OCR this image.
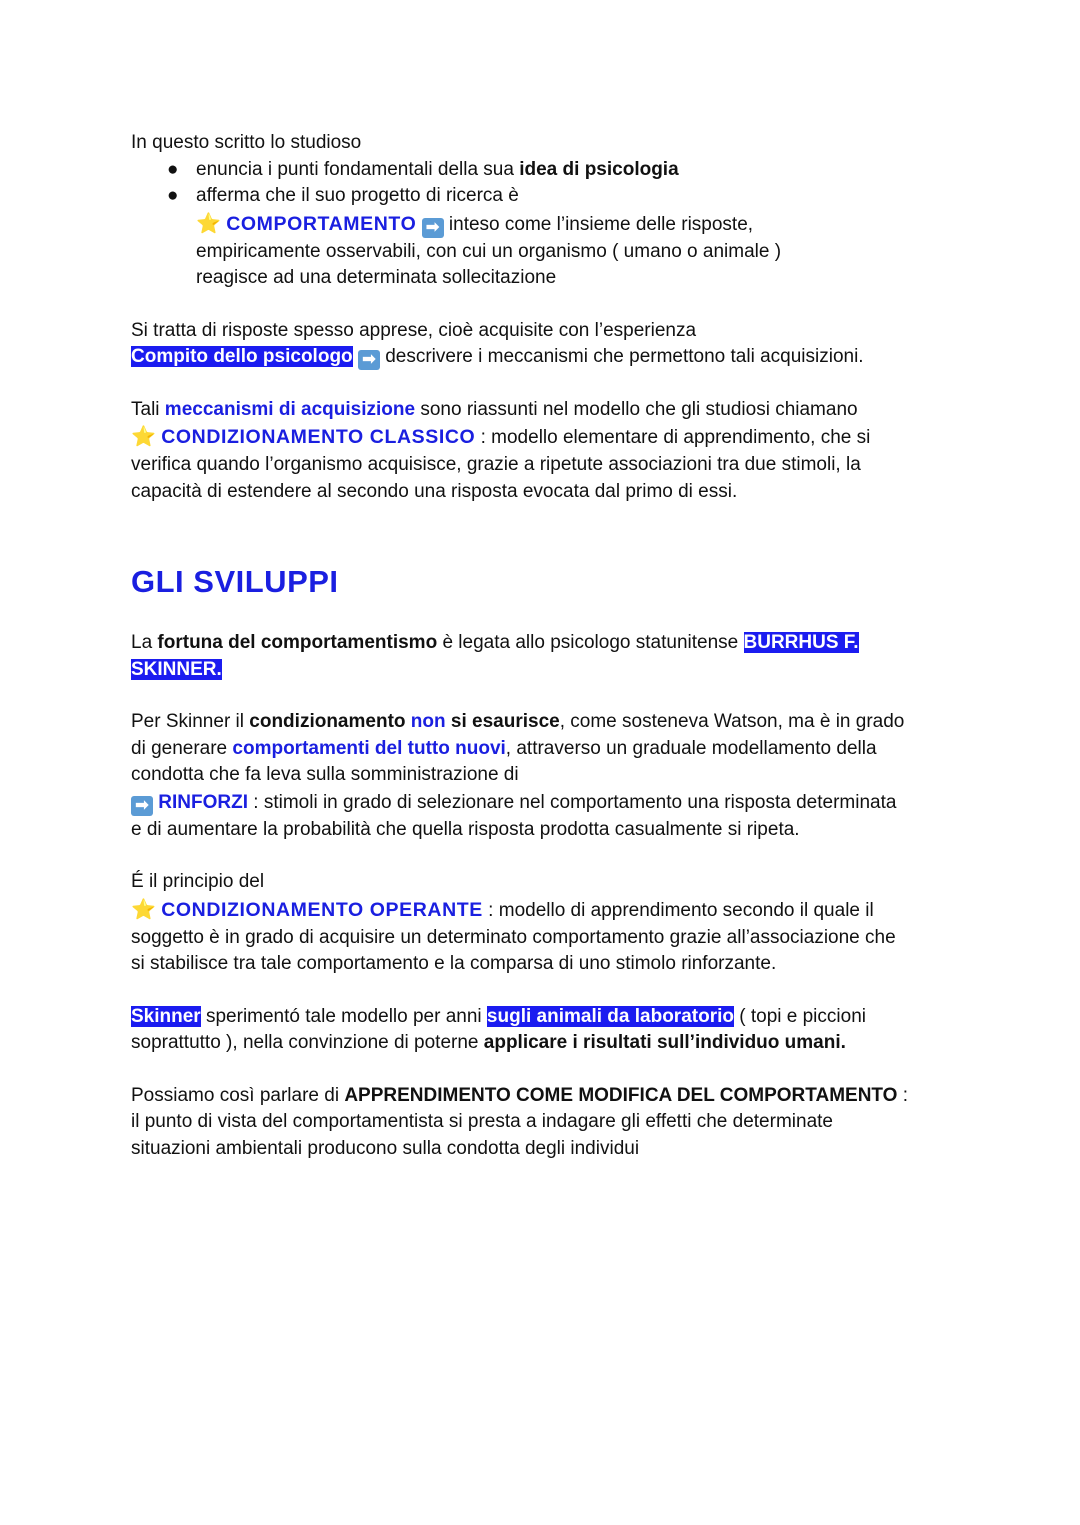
In questo scritto lo studioso

● enuncia i punti fondamentali della sua idea di psicologia
● afferma che il suo progetto di ricerca è

⭐ COMPORTAMENTO ➡ inteso come l’insieme delle risposte,

empiricamente osservabili, con cui un organismo ( umano o animale )

reagisce ad una determinata sollecitazione

Si tratta di risposte spesso apprese, cioè acquisite con l’esperienza

Compito dello psicologo ➡ descrivere i meccanismi che permettono tali acquisizioni.

Tali meccanismi di acquisizione sono riassunti nel modello che gli studiosi chiamano

⭐ CONDIZIONAMENTO CLASSICO : modello elementare di apprendimento, che si

verifica quando l’organismo acquisisce, grazie a ripetute associazioni tra due stimoli, la

capacità di estendere al secondo una risposta evocata dal primo di essi.

GLI SVILUPPI

La fortuna del comportamentismo è legata allo psicologo statunitense BURRHUS F.

SKINNER.

Per Skinner il condizionamento non si esaurisce, come sosteneva Watson, ma è in grado

di generare comportamenti del tutto nuovi, attraverso un graduale modellamento della

condotta che fa leva sulla somministrazione di

➡ RINFORZI : stimoli in grado di selezionare nel comportamento una risposta determinata

e di aumentare la probabilità che quella risposta prodotta casualmente si ripeta.

É il principio del

⭐ CONDIZIONAMENTO OPERANTE : modello di apprendimento secondo il quale il

soggetto è in grado di acquisire un determinato comportamento grazie all’associazione che

si stabilisce tra tale comportamento e la comparsa di uno stimolo rinforzante.

Skinner sperimentó tale modello per anni sugli animali da laboratorio ( topi e piccioni

soprattutto ), nella convinzione di poterne applicare i risultati sull’individuo umani.

Possiamo così parlare di APPRENDIMENTO COME MODIFICA DEL COMPORTAMENTO :

il punto di vista del comportamentista si presta a indagare gli effetti che determinate

situazioni ambientali producono sulla condotta degli individui
